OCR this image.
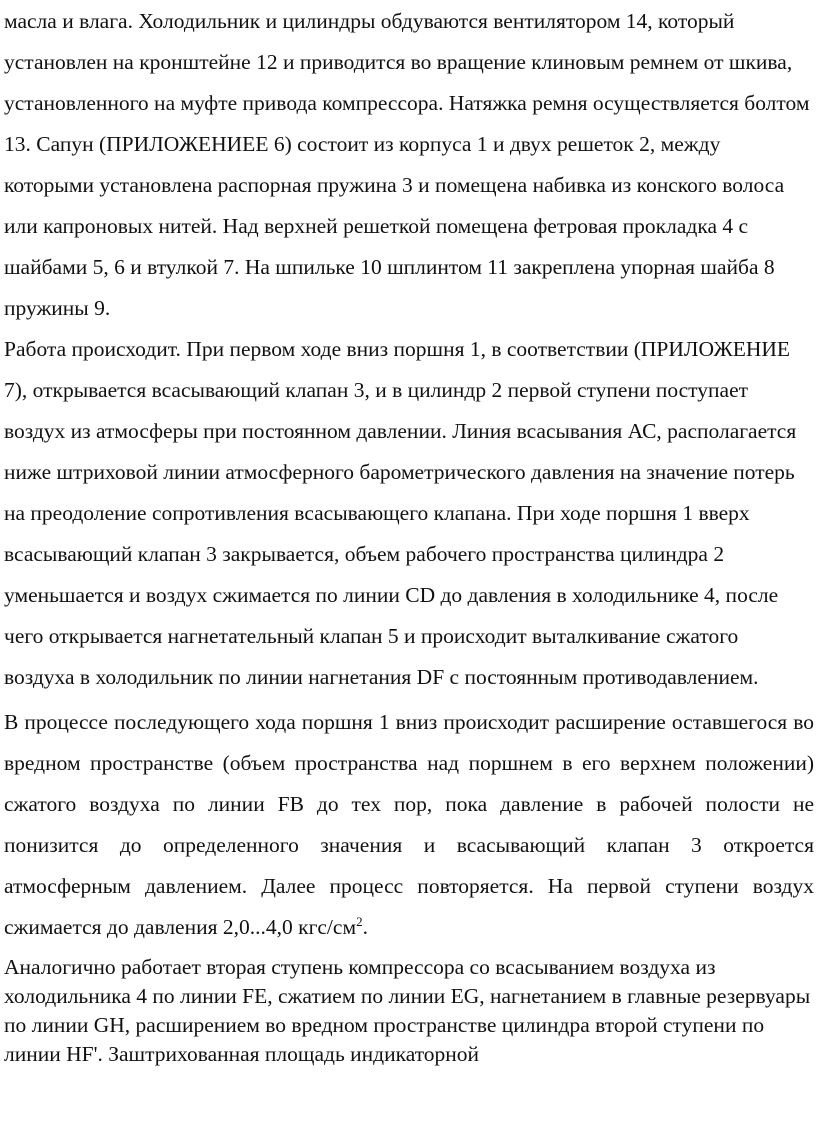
масла и влага. Холодильник и цилиндры обдуваются вентилятором 14, который установлен на кронштейне 12 и приводится во вращение клиновым ремнем от шкива, установленного на муфте привода компрессора. Натяжка ремня осуществляется болтом 13. Сапун (ПРИЛОЖЕНИЕЕ 6) состоит из корпуса 1 и двух решеток 2, между которыми установлена распорная пружина 3 и помещена набивка из конского волоса или капроновых нитей. Над верхней решеткой помещена фетровая прокладка 4 с шайбами 5, 6 и втулкой 7. На шпильке 10 шплинтом 11 закреплена упорная шайба 8 пружины 9.

Работа происходит. При первом ходе вниз поршня 1, в соответствии (ПРИЛОЖЕНИЕ 7), открывается всасывающий клапан 3, и в цилиндр 2 первой ступени поступает воздух из атмосферы при постоянном давлении. Линия всасывания АС, располагается ниже штриховой линии атмосферного барометрического давления на значение потерь на преодоление сопротивления всасывающего клапана. При ходе поршня 1 вверх всасывающий клапан 3 закрывается, объем рабочего пространства цилиндра 2 уменьшается и воздух сжимается по линии CD до давления в холодильнике 4, после чего открывается нагнетательный клапан 5 и происходит выталкивание сжатого воздуха в холодильник по линии нагнетания DF с постоянным противодавлением.

В процессе последующего хода поршня 1 вниз происходит расширение оставшегося во вредном пространстве (объем пространства над поршнем в его верхнем положении) сжатого воздуха по линии FB до тех пор, пока давление в рабочей полости не понизится до определенного значения и всасывающий клапан 3 откроется атмосферным давлением. Далее процесс повторяется. На первой ступени воздух сжимается до давления 2,0...4,0 кгс/$см^2$.

Аналогично работает вторая ступень компрессора со всасыванием воздуха из холодильника 4 по линии FE, сжатием по линии EG, нагнетанием в главные резервуары по линии GH, расширением во вредном пространстве цилиндра второй ступени по линии HF'. Заштрихованная площадь индикаторной
